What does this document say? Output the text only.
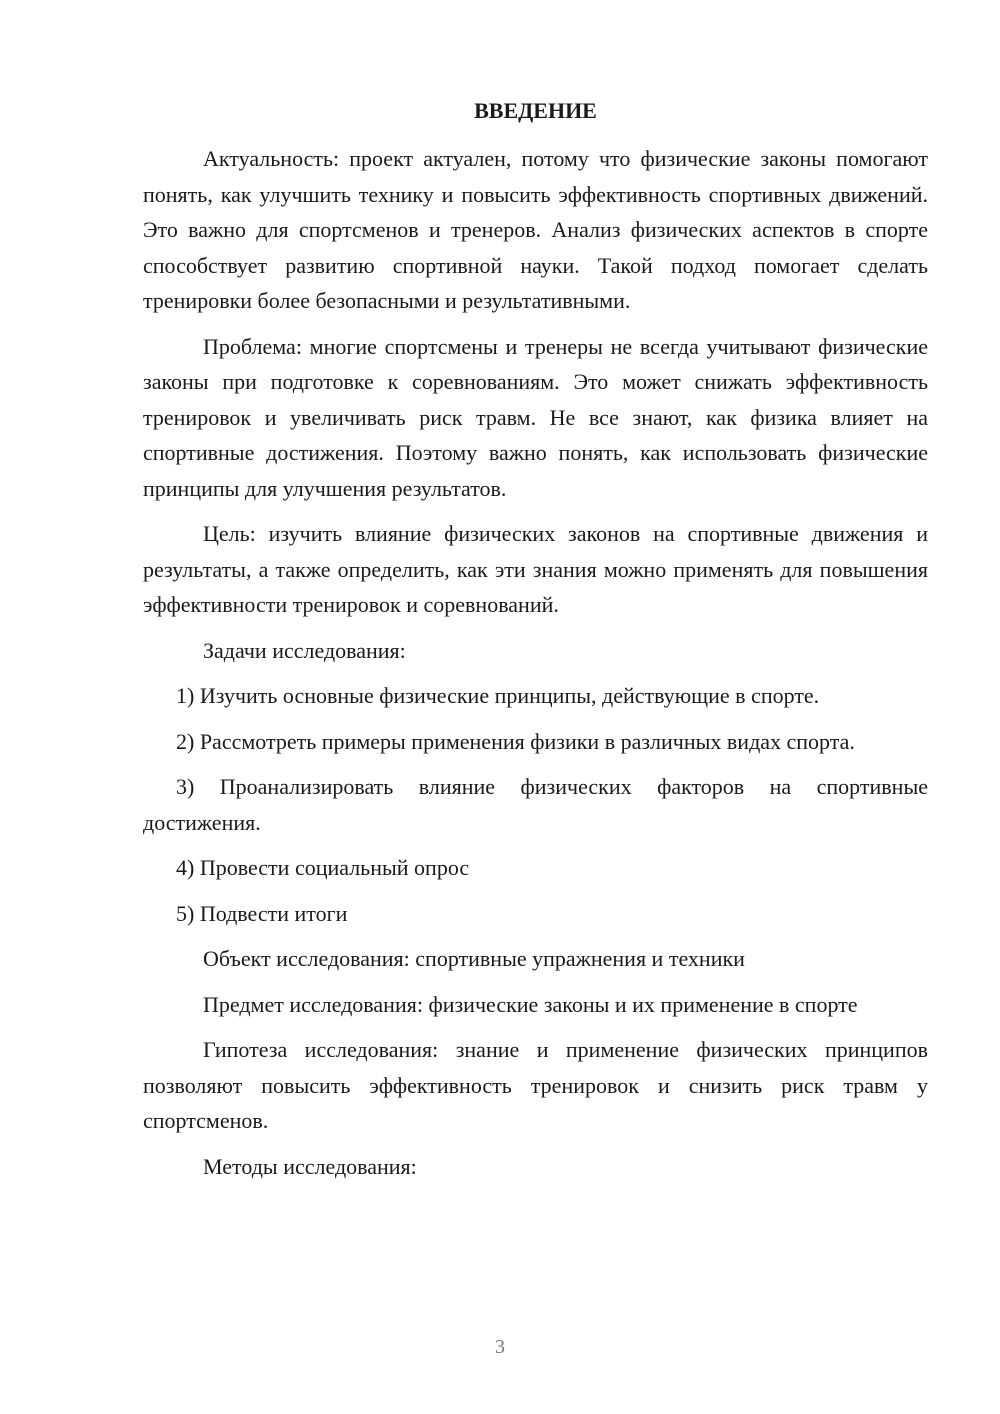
ВВЕДЕНИЕ

Актуальность: проект актуален, потому что физические законы помогают понять, как улучшить технику и повысить эффективность спортивных движений. Это важно для спортсменов и тренеров. Анализ физических аспектов в спорте способствует развитию спортивной науки. Такой подход помогает сделать тренировки более безопасными и результативными.

Проблема: многие спортсмены и тренеры не всегда учитывают физические законы при подготовке к соревнованиям. Это может снижать эффективность тренировок и увеличивать риск травм. Не все знают, как физика влияет на спортивные достижения. Поэтому важно понять, как использовать физические принципы для улучшения результатов.

Цель: изучить влияние физических законов на спортивные движения и результаты, а также определить, как эти знания можно применять для повышения эффективности тренировок и соревнований.

Задачи исследования:

1) Изучить основные физические принципы, действующие в спорте.

2) Рассмотреть примеры применения физики в различных видах спорта.

3) Проанализировать влияние физических факторов на спортивные достижения.

4) Провести социальный опрос

5) Подвести итоги

Объект исследования: спортивные упражнения и техники

Предмет исследования: физические законы и их применение в спорте

Гипотеза исследования: знание и применение физических принципов позволяют повысить эффективность тренировок и снизить риск травм у спортсменов.

Методы исследования:

3
